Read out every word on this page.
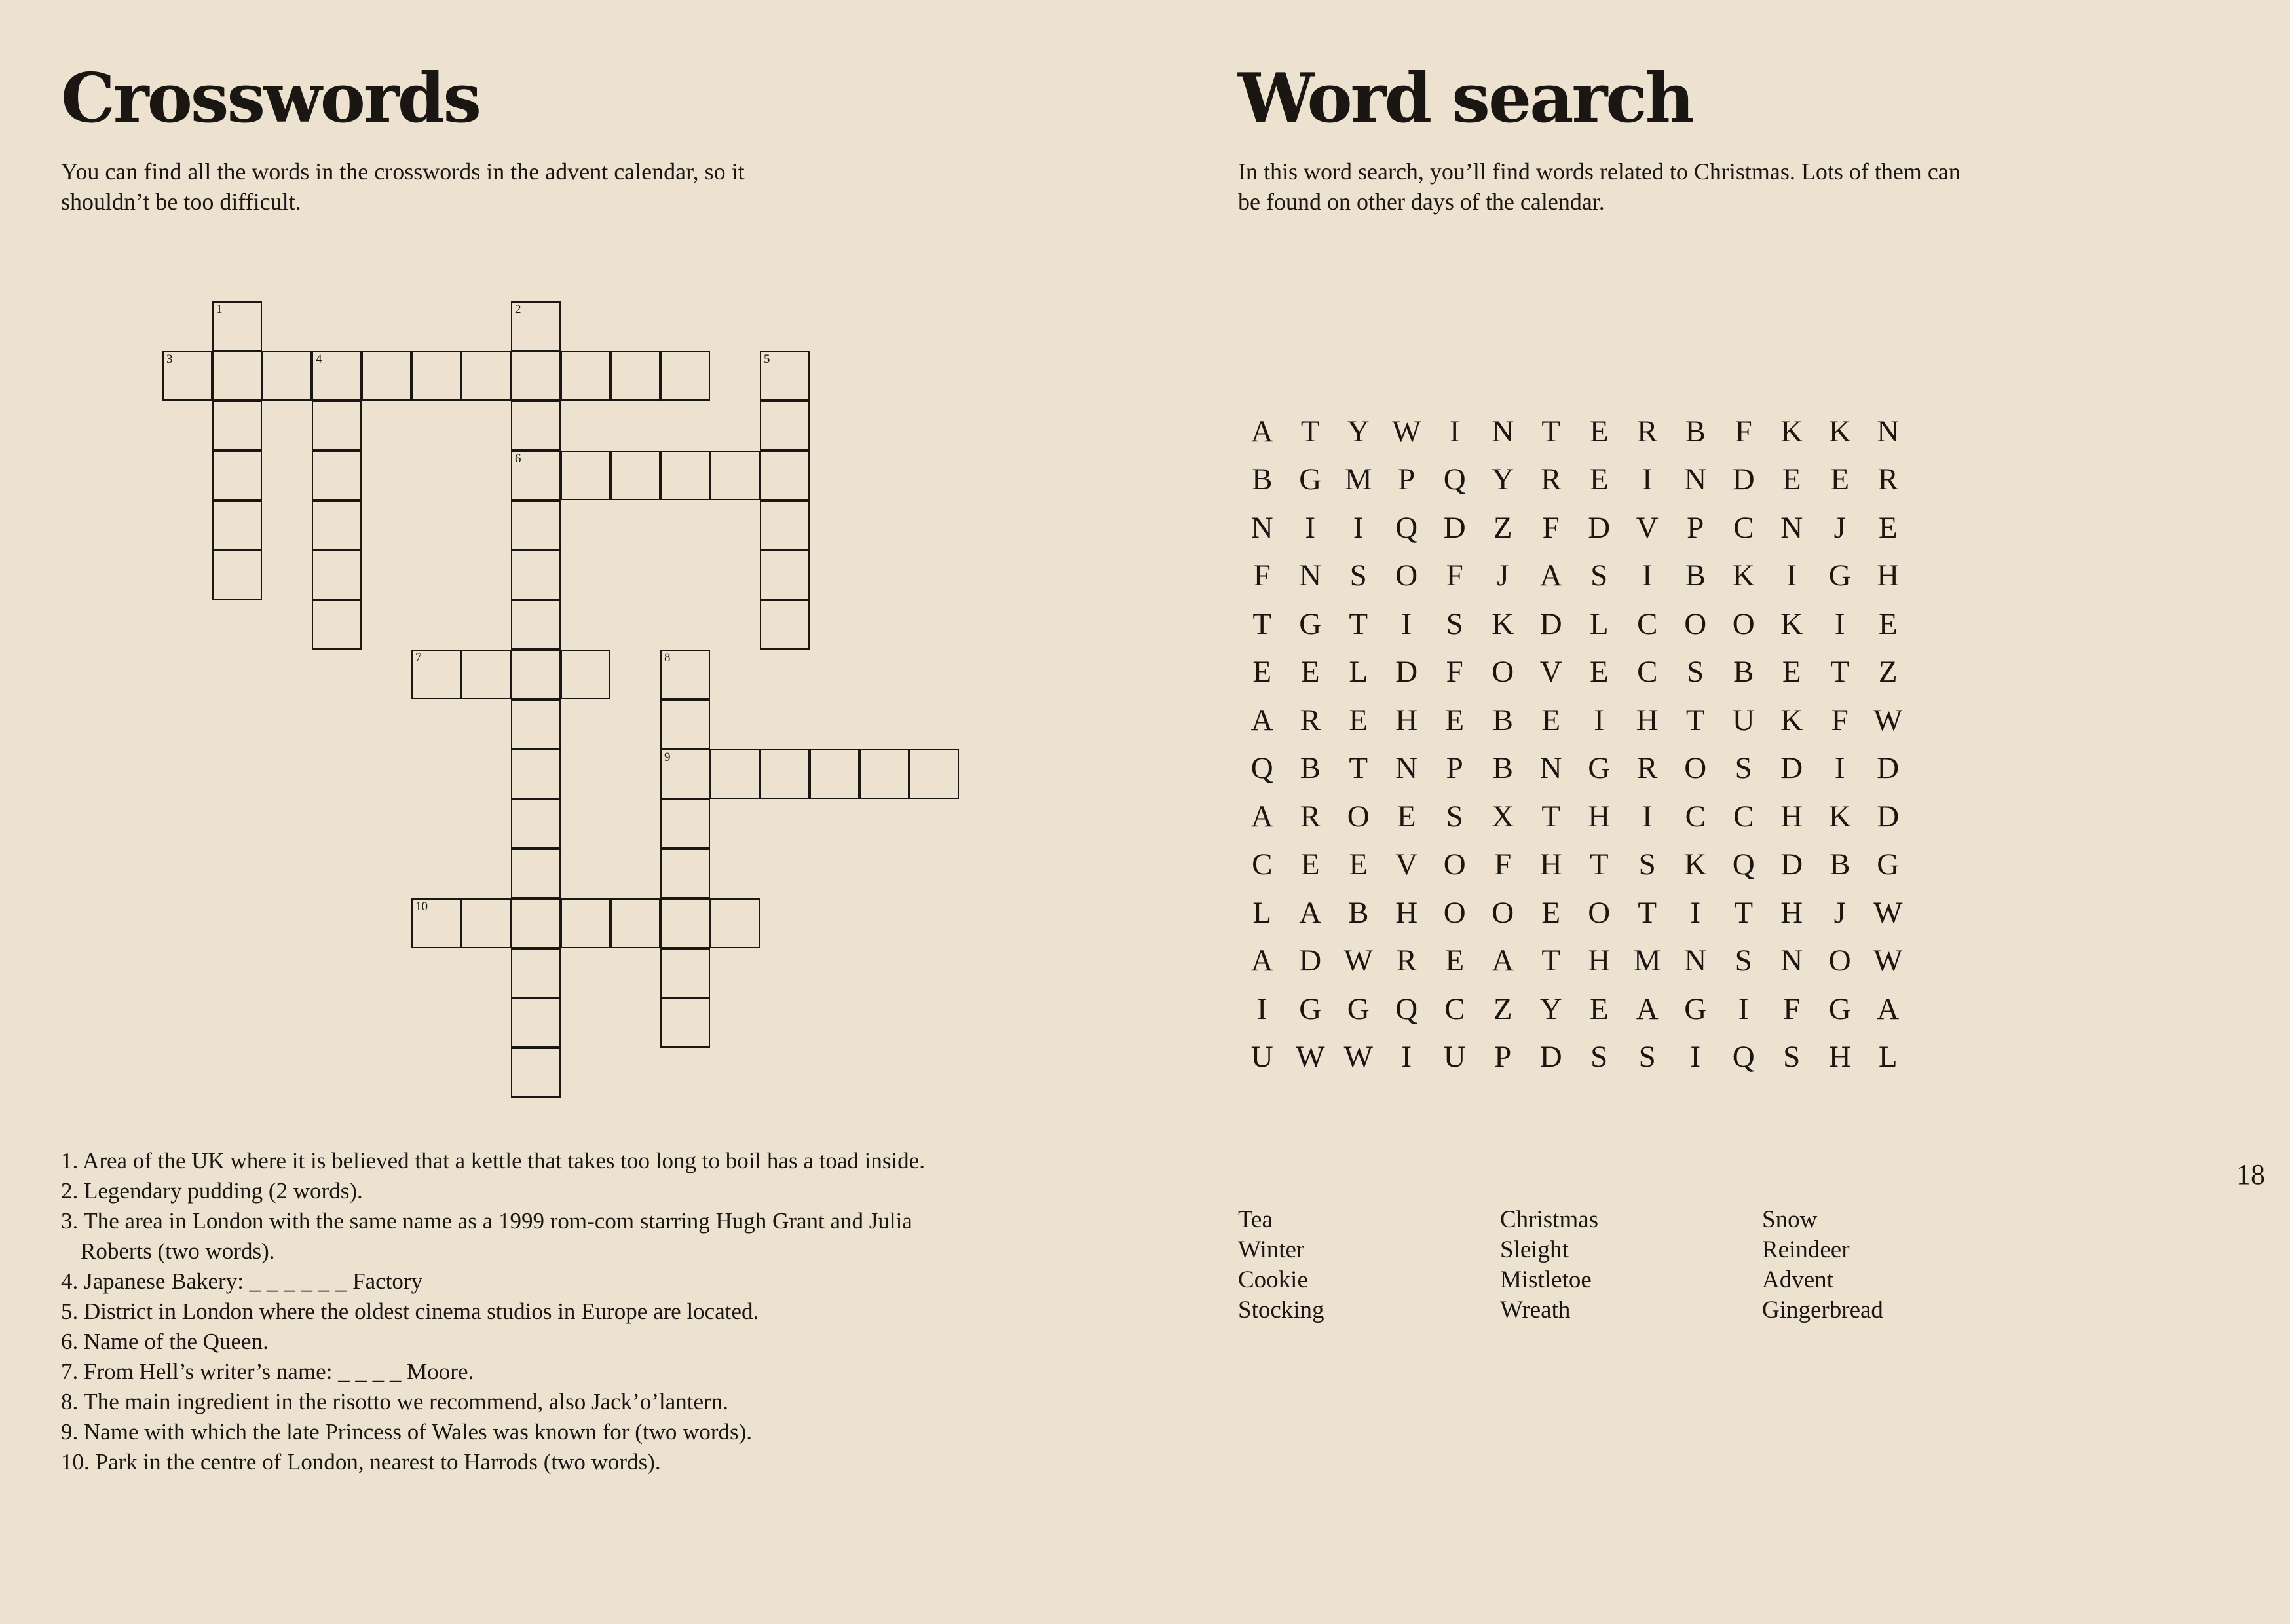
Crosswords

You can find all the words in the crosswords in the advent calendar, so it shouldn’t be too difficult.

3	4
6
7
9
10
1	2
5
8
1. Area of the UK where it is believed that a kettle that takes too long to boil has a toad inside.
2. Legendary pudding (2 words).
3. The area in London with the same name as a 1999 rom-com starring Hugh Grant and Julia Roberts (two words).
4. Japanese Bakery: _ _ _ _ _ _ Factory
5. District in London where the oldest cinema studios in Europe are located.
6. Name of the Queen.
7. From Hell’s writer’s name: _ _ _ _ Moore.
8. The main ingredient in the risotto we recommend, also Jack’o’lantern.
9. Name with which the late Princess of Wales was known for (two words).
10. Park in the centre of London, nearest to Harrods (two words).
Word search

In this word search, you’ll find words related to Christmas. Lots of them can be found on other days of the calendar.

A T Y W I	N T E R B F K K N
B G M P Q Y R E	I	N D E E R
N	I	I	Q D Z F D V P C N	J	E
F N S O F	J	A S	I	B K	I	G H
T G T	I	S K D L C O O K	I	E
E E L D F O V E C S B E T Z
A R E H E B E	I	H T U K F W
Q B T N P B N G R O S D	I	D
A R O E S X T H	I	C C H K D
C E E V O F H T S K Q D B G
L A B H O O E O T	I	T H	J W
A D W R E A T H M N S N O W
I	G G Q C Z Y E A G	I	F G A
U W W I	U P D S	S	I	Q S H L
Tea	Christmas	Snow
Winter	Sleight	Reindeer
Cookie	Mistletoe	Advent
Stocking	Wreath	Gingerbread
18
